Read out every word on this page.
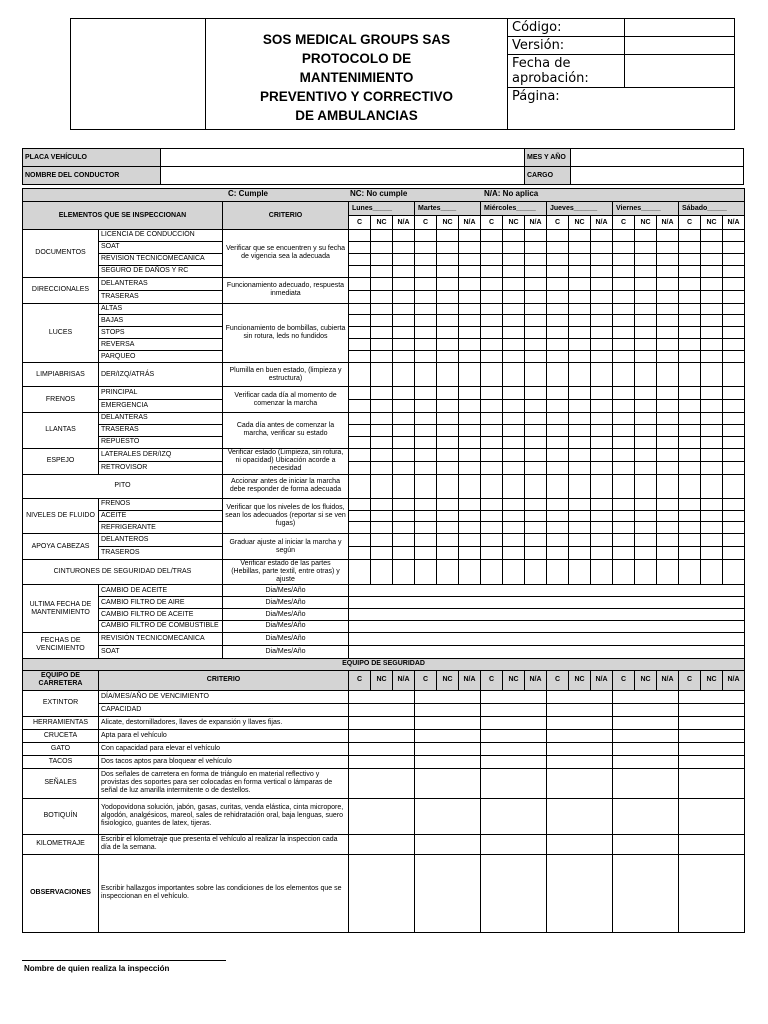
	SOS MEDICAL GROUPS SAS
PROTOCOLO DE
MANTENIMIENTO
PREVENTIVO Y CORRECTIVO
DE AMBULANCIAS	Código:	
		Versión:	
		Fecha de aprobación:	
		Página:	
PLACA VEHÍCULO		MES Y AÑO	
NOMBRE DEL CONDUCTOR		CARGO	
C: Cumple NC: No cumple N/A: No aplica																				

ELEMENTOS QUE SE INSPECCIONAN		CRITERIO	Lunes_____			Martes____			Miércoles_____			Jueves______			Viernes_____			Sábado_____		
			C	NC	N/A	C	NC	N/A	C	NC	N/A	C	NC	N/A	C	NC	N/A	C	NC	N/A
DOCUMENTOS	LICENCIA DE CONDUCCIÓN	Verificar que se encuentren y su fecha de vigencia sea la adecuada																		
	SOAT																			
	REVISION TECNICOMECANICA																			
	SEGURO DE DAÑOS Y RC																			
DIRECCIONALES	DELANTERAS	Funcionamiento adecuado, respuesta inmediata																		
	TRASERAS																			
LUCES	ALTAS	Funcionamiento de bombillas, cubierta sin rotura, leds no fundidos																		
	BAJAS																			
	STOPS																			
	REVERSA																			
	PARQUEO																			
LIMPIABRISAS	DER/IZQ/ATRÁS	Plumilla en buen estado, (limpieza y estructura)																		
FRENOS	PRINCIPAL	Verificar cada día al momento de comenzar la marcha																		
	EMERGENCIA																			
LLANTAS	DELANTERAS	Cada día antes de comenzar la marcha, verificar su estado																		
	TRASERAS																			
	REPUESTO																			
ESPEJO	LATERALES DER/IZQ	Verificar estado (Limpieza, sin rotura, ni opacidad) Ubicación acorde a necesidad																		
	RETROVISOR																			
PITO		Accionar antes de iniciar la marcha debe responder de forma adecuada																		
NIVELES DE FLUIDO	FRENOS	Verificar que los niveles de los fluidos, sean los adecuados (reportar si se ven fugas)																		
	ACEITE																			
	REFRIGERANTE																			
APOYA CABEZAS	DELANTEROS	Graduar ajuste al iniciar la marcha y según																		
	TRASEROS																			
CINTURONES DE SEGURIDAD DEL/TRAS		Verificar estado de las partes (Hebillas, parte textil, entre otras) y ajuste																		
ULTIMA FECHA DE MANTENIMIENTO	CAMBIO DE ACEITE	Dia/Mes/Año																		
	CAMBIO FILTRO DE AIRE	Dia/Mes/Año																		
	CAMBIO FILTRO DE ACEITE	Dia/Mes/Año																		
	CAMBIO FILTRO DE COMBUSTIBLE	Dia/Mes/Año																		
FECHAS DE VENCIMIENTO	REVISIÓN TECNICOMECANICA	Dia/Mes/Año																		
	SOAT	Dia/Mes/Año																		
EQUIPO DE SEGURIDAD																				
EQUIPO DE CARRETERA	CRITERIO		C	NC	N/A	C	NC	N/A	C	NC	N/A	C	NC	N/A	C	NC	N/A	C	NC	N/A
EXTINTOR	DÍA/MES/AÑO DE VENCIMIENTO																			
	CAPACIDAD																			
HERRAMIENTAS	Alicate, destornilladores, llaves de expansión y llaves fijas.																			
CRUCETA	Apta para el vehículo																			
GATO	Con capacidad para elevar el vehículo																			
TACOS	Dos tacos aptos para bloquear el vehículo																			
SEÑALES	Dos señales de carretera en forma de triángulo en material reflectivo y provistas des soportes para ser colocadas en forma vertical o lámparas de señal de luz amarilla intermitente o de destellos.																			
BOTIQUÍN	Yodopovidona solución, jabón, gasas, curitas, venda elástica, cinta micropore, algodón, analgésicos, mareol, sales de rehidratación oral, baja lenguas, suero fisiologico, guantes de latex, tijeras.																			
KILOMETRAJE	Escribir el kilometraje que presenta el vehículo al realizar la inspeccion cada día de la semana.																			
OBSERVACIONES	Escribir hallazgos importantes sobre las condiciones de los elementos que se inspeccionan en el vehículo.																			
Nombre de quien realiza la inspección
